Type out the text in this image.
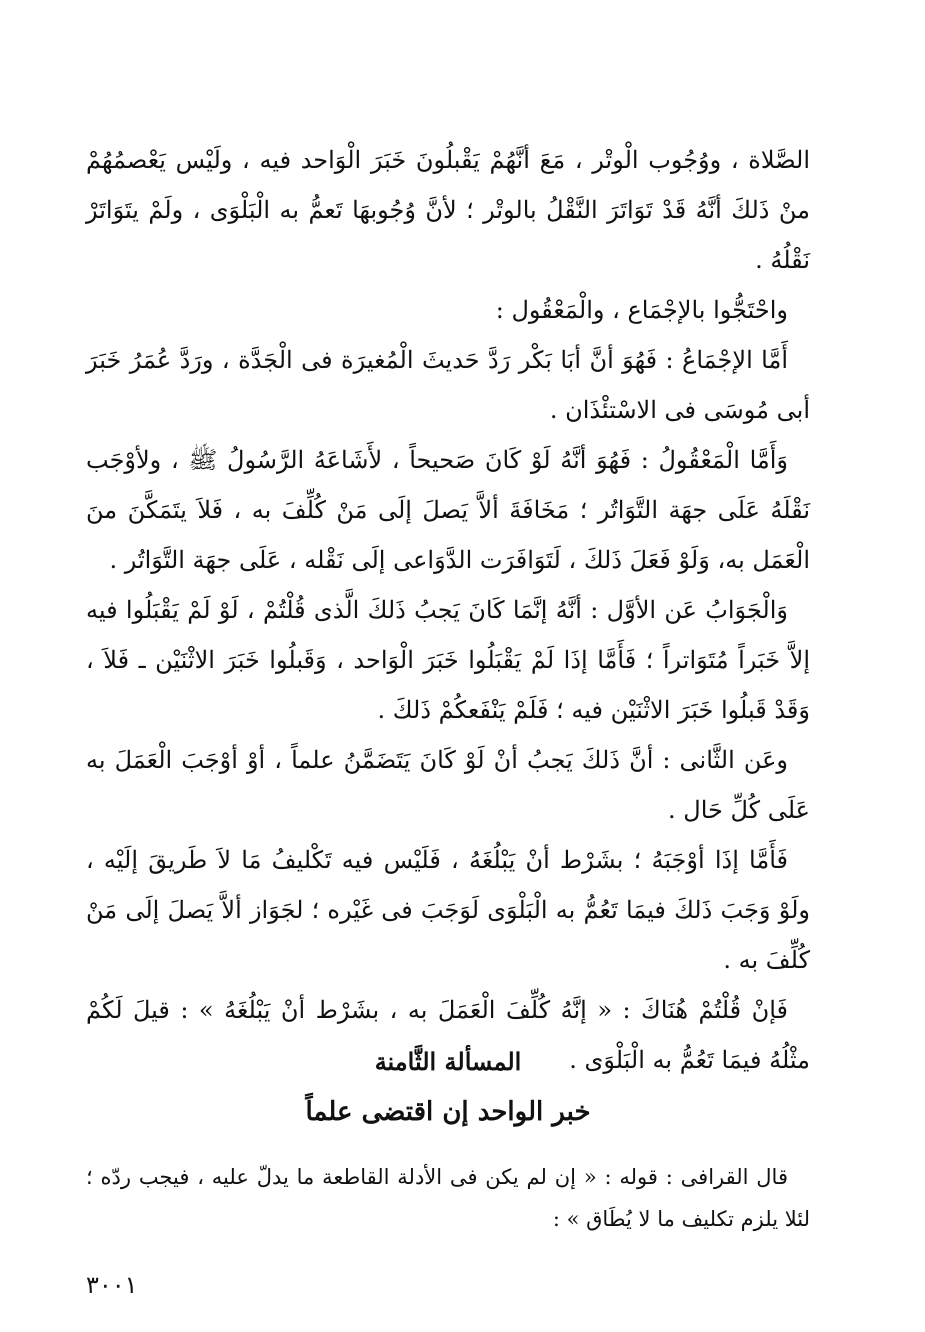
الصَّلاة ، ووُجُوب الْوتْر ، مَعَ أنَّهُمْ يَقْبلُونَ خَبَرَ الْوَاحد فيه ، ولَيْس يَعْصمُهُمْ منْ ذَلكَ أنَّهُ قَدْ تَوَاتَرَ النَّقْلُ بالوتْر ؛ لأنَّ وُجُوبهَا تَعمُّ به الْبَلْوَى ، ولَمْ يتَوَاتَرْ نَقْلُهُ .

واحْتَجُّوا بالإجْمَاع ، والْمَعْقُول :

أَمَّا الإجْمَاعُ : فَهُوَ أنَّ أبَا بَكْر رَدَّ حَديثَ الْمُغيرَة فى الْجَدَّة ، ورَدَّ عُمَرُ خَبَرَ أبى مُوسَى فى الاسْتئْذَان .

وَأَمَّا الْمَعْقُولُ : فَهُوَ أنَّهُ لَوْ كَانَ صَحيحاً ، لأَشَاعَهُ الرَّسُولُ ﷺ ، ولأوْجَب نَقْلَهُ عَلَى جهَة التَّوَاتُر ؛ مَخَافَةَ ألاَّ يَصلَ إلَى مَنْ كُلِّفَ به ، فَلاَ يتَمَكَّنَ منَ الْعَمَل به، وَلَوْ فَعَلَ ذَلكَ ، لَتَوَافَرَت الدَّوَاعى إلَى نَقْله ، عَلَى جهَة التَّوَاتُر .

وَالْجَوَابُ عَن الأوَّل : أنَّهُ إنَّمَا كَانَ يَجبُ ذَلكَ الَّذى قُلْتُمْ ، لَوْ لَمْ يَقْبَلُوا فيه إلاَّ خَبَراً مُتَوَاتراً ؛ فَأَمَّا إذَا لَمْ يَقْبَلُوا خَبَرَ الْوَاحد ، وَقَبلُوا خَبَرَ الاثْنَيْن ـ فَلاَ ، وَقَدْ قَبلُوا خَبَرَ الاثْنَيْن فيه ؛ فَلَمْ يَنْفَعكُمْ ذَلكَ .

وعَن الثَّانى : أنَّ ذَلكَ يَجبُ أنْ لَوْ كَانَ يَتَضَمَّنُ علماً ، أوْ أوْجَبَ الْعَمَلَ به عَلَى كُلِّ حَال .

فَأَمَّا إذَا أوْجَبَهُ ؛ بشَرْط أنْ يَبْلُغَهُ ، فَلَيْس فيه تَكْليفُ مَا لاَ طَريقَ إلَيْه ، ولَوْ وَجَبَ ذَلكَ فيمَا تَعُمُّ به الْبَلْوَى لَوَجَبَ فى غَيْره ؛ لجَوَاز ألاَّ يَصلَ إلَى مَنْ كُلِّفَ به .

فَإنْ قُلْتُمْ هُنَاكَ : « إنَّهُ كُلِّفَ الْعَمَلَ به ، بشَرْط أنْ يَبْلُغَهُ » : قيلَ لَكُمْ مثْلُهُ فيمَا تَعُمُّ به الْبَلْوَى .

المسألة الثَّامنة
خبر الواحد إن اقتضى علماً

قال القرافى : قوله : « إن لم يكن فى الأدلة القاطعة ما يدلّ عليه ، فيجب ردّه ؛ لئلا يلزم تكليف ما لا يُطَاق » :

٣٠٠١
